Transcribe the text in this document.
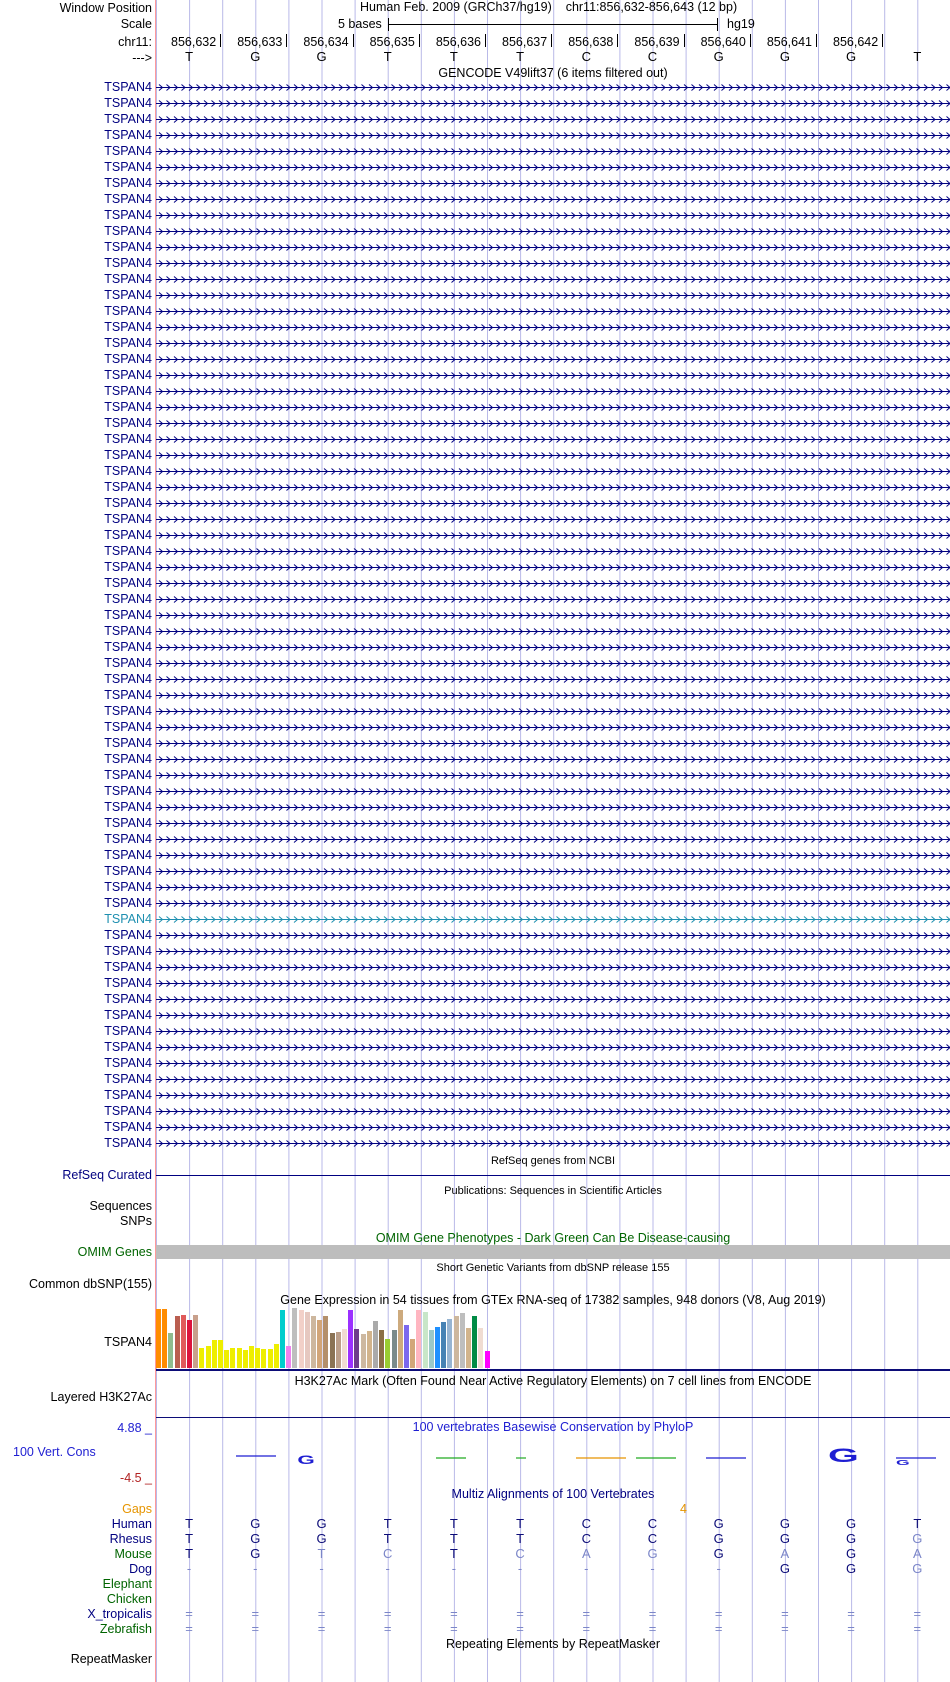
Window Position
Scale
chr11:
--->
Human Feb. 2009 (GRCh37/hg19) chr11:856,632-856,643 (12 bp)
5 bases	hg19
856,632	856,633	856,634	856,635	856,636	856,637	856,638	856,639	856,640	856,641	856,642
T	G	G	T	T	T	C	C	G	G	G	T
GENCODE V49lift37 (6 items filtered out)
TSPAN4
TSPAN4
TSPAN4
TSPAN4
TSPAN4
TSPAN4
TSPAN4
TSPAN4
TSPAN4
TSPAN4
TSPAN4
TSPAN4
TSPAN4
TSPAN4
TSPAN4
TSPAN4
TSPAN4
TSPAN4
TSPAN4
TSPAN4
TSPAN4
TSPAN4
TSPAN4
TSPAN4
TSPAN4
TSPAN4
TSPAN4
TSPAN4
TSPAN4
TSPAN4
TSPAN4
TSPAN4
TSPAN4
TSPAN4
TSPAN4
TSPAN4
TSPAN4
TSPAN4
TSPAN4
TSPAN4
TSPAN4
TSPAN4
TSPAN4
TSPAN4
TSPAN4
TSPAN4
TSPAN4
TSPAN4
TSPAN4
TSPAN4
TSPAN4
TSPAN4
TSPAN4
TSPAN4
TSPAN4
TSPAN4
TSPAN4
TSPAN4
TSPAN4
TSPAN4
TSPAN4
TSPAN4
TSPAN4
TSPAN4
TSPAN4
TSPAN4
TSPAN4
RefSeq genes from NCBI
RefSeq Curated
Publications: Sequences in Scientific Articles
Sequences
SNPs
OMIM Gene Phenotypes - Dark Green Can Be Disease-causing
OMIM Genes
Short Genetic Variants from dbSNP release 155
Common dbSNP(155)
Gene Expression in 54 tissues from GTEx RNA-seq of 17382 samples, 948 donors (V8, Aug 2019)
TSPAN4
H3K27Ac Mark (Often Found Near Active Regulatory Elements) on 7 cell lines from ENCODE
Layered H3K27Ac
100 vertebrates Basewise Conservation by PhyloP
4.88 _
100 Vert. Cons
-4.5 _
G	G	G
Multiz Alignments of 100 Vertebrates
Gaps	4
Human	T	G	G	T	T	T	C	C	G	G	G	T
Rhesus	T	G	G	T	T	T	C	C	G	G	G	G
Mouse	T	G	T	C	T	C	A	G	G	A	G	A
Dog	-	-	-	-	-	-	-	-	-	G	G	G
Elephant
Chicken
X_tropicalis	=	=	=	=	=	=	=	=	=	=	=	=
Zebrafish	=	=	=	=	=	=	=	=	=	=	=	=
Repeating Elements by RepeatMasker
RepeatMasker
